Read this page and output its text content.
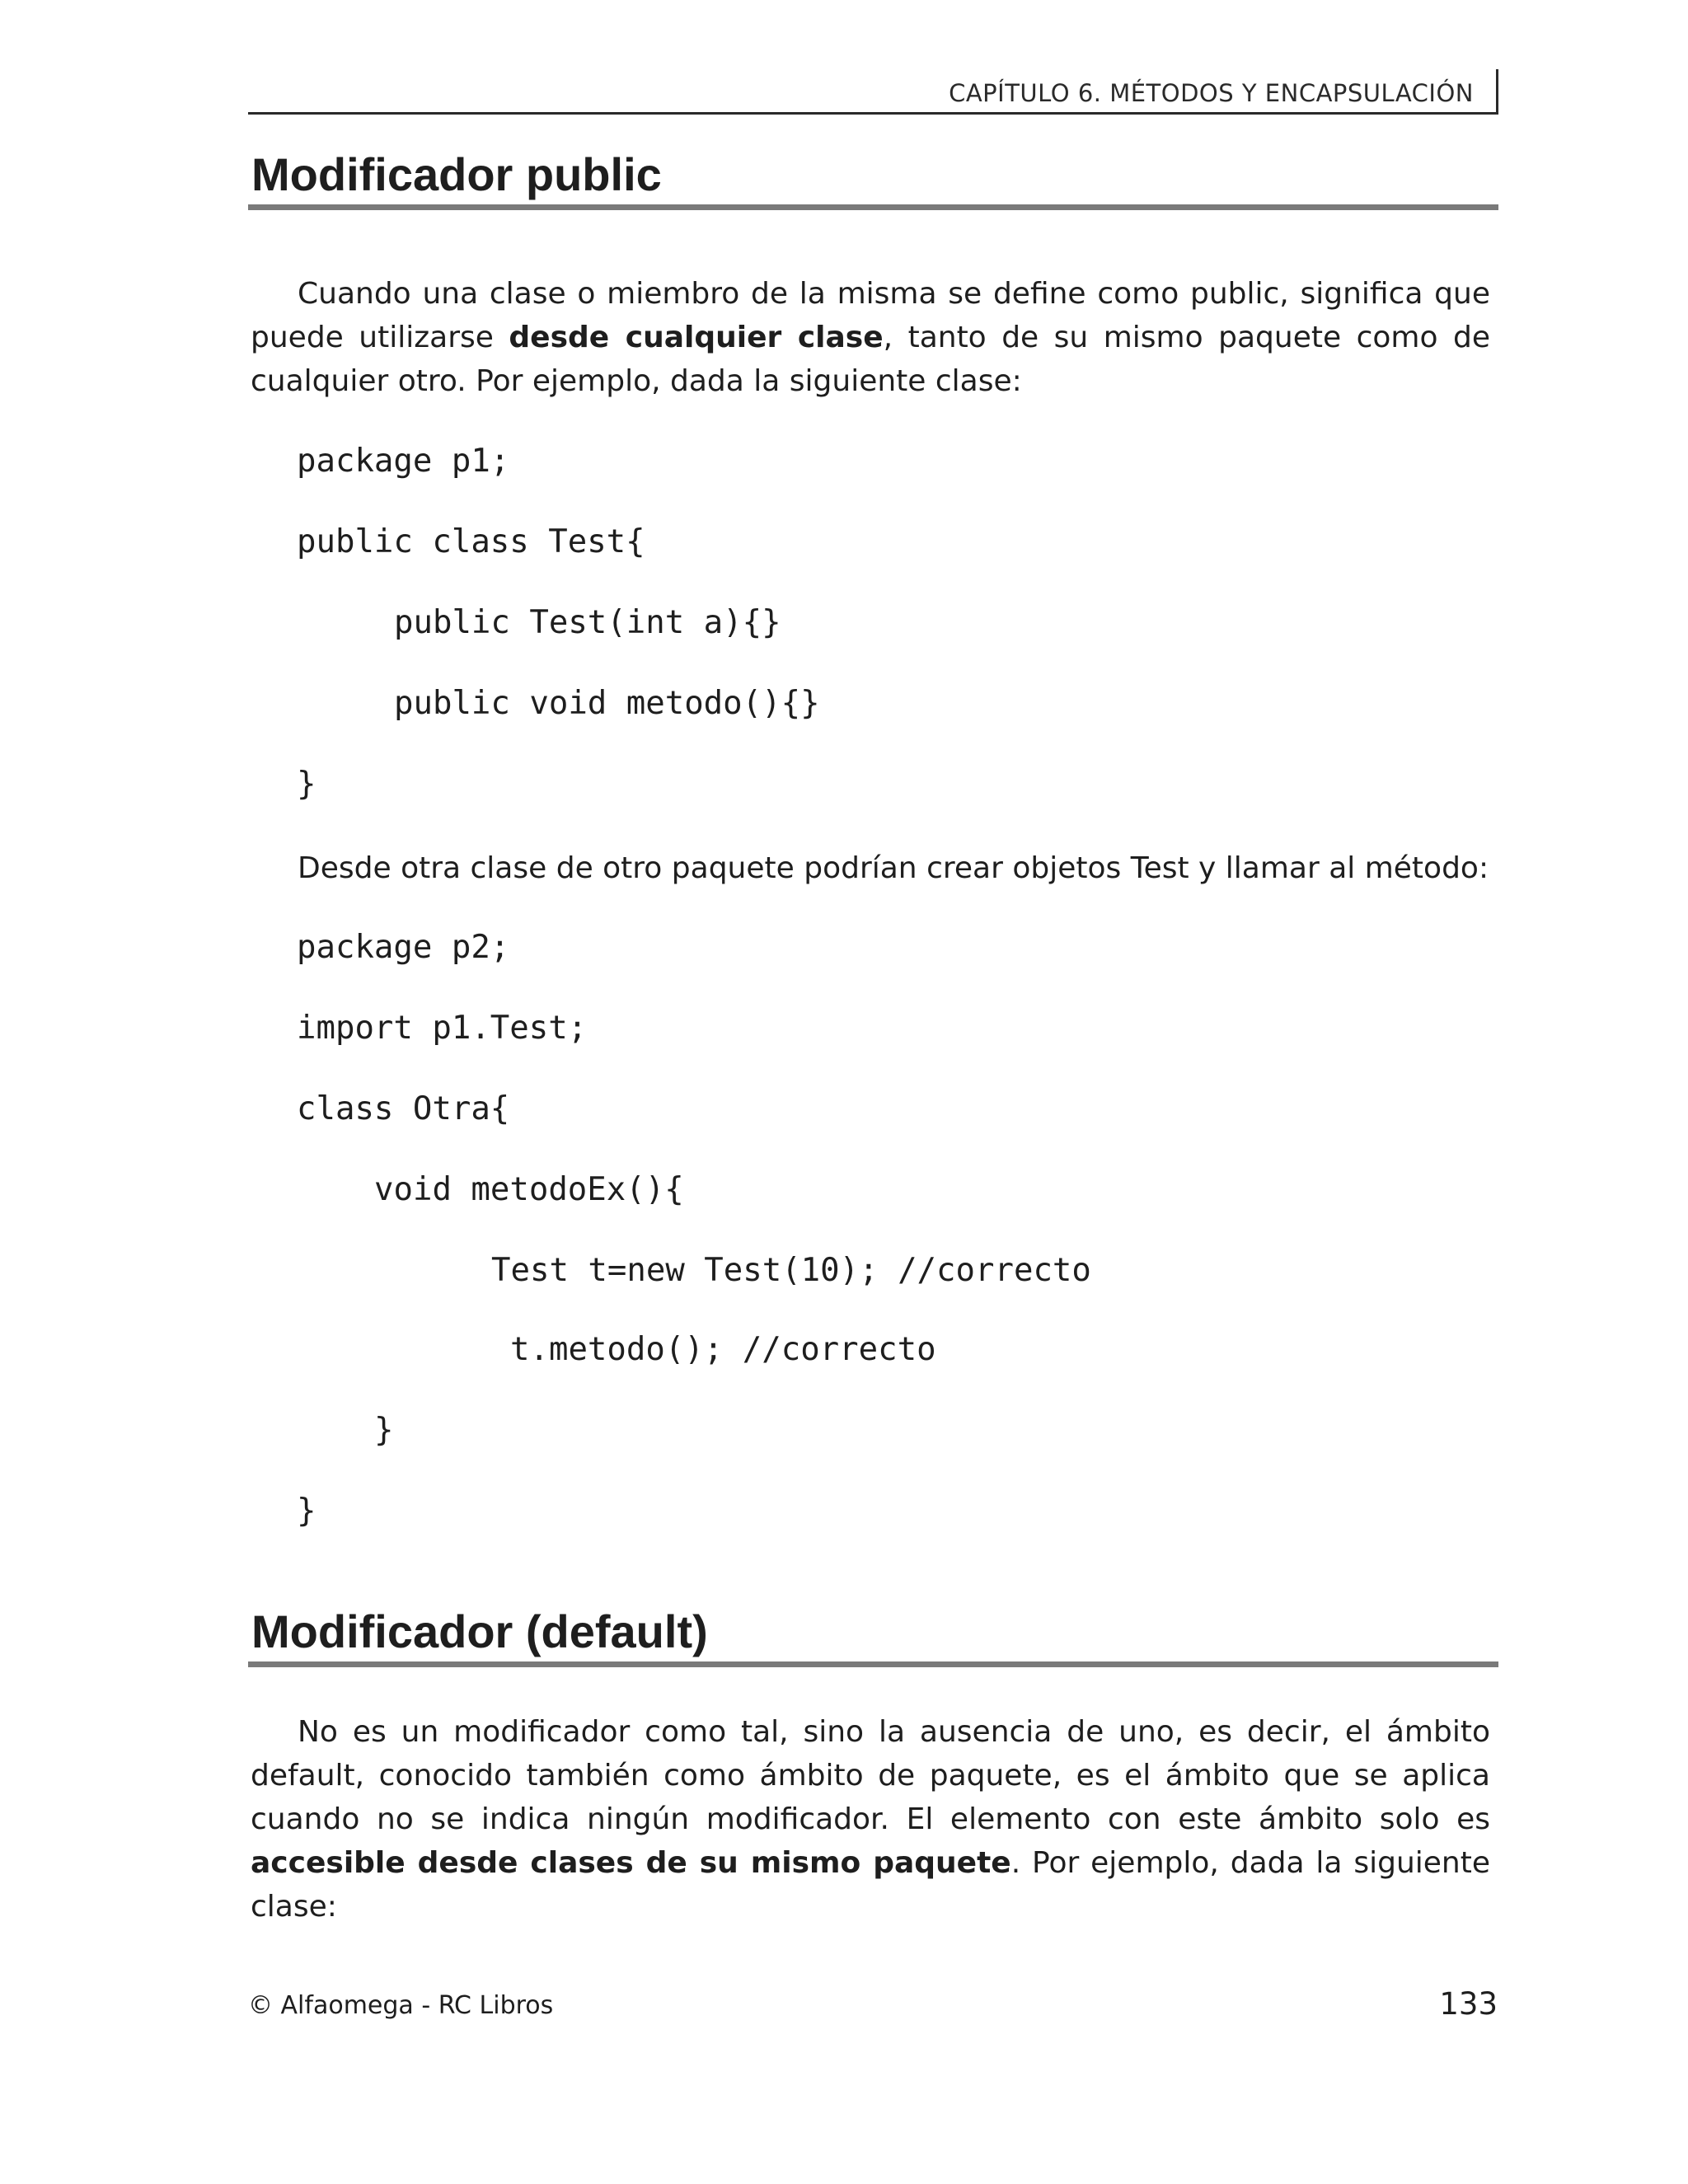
CAPÍTULO 6. MÉTODOS Y ENCAPSULACIÓN
Modificador public

Cuando una clase o miembro de la misma se define como public, significa que puede utilizarse desde cualquier clase, tanto de su mismo paquete como de cualquier otro. Por ejemplo, dada la siguiente clase:

package p1;
public class Test{
public Test(int a){}
public void metodo(){}
}
Desde otra clase de otro paquete podrían crear objetos Test y llamar al método:
package p2;
import p1.Test;
class Otra{
void metodoEx(){
Test t=new Test(10); //correcto
t.metodo(); //correcto
}
}
Modificador (default)

No es un modificador como tal, sino la ausencia de uno, es decir, el ámbito default, conocido también como ámbito de paquete, es el ámbito que se aplica cuando no se indica ningún modificador. El elemento con este ámbito solo es accesible desde clases de su mismo paquete. Por ejemplo, dada la siguiente clase:

© Alfaomega - RC Libros	133
